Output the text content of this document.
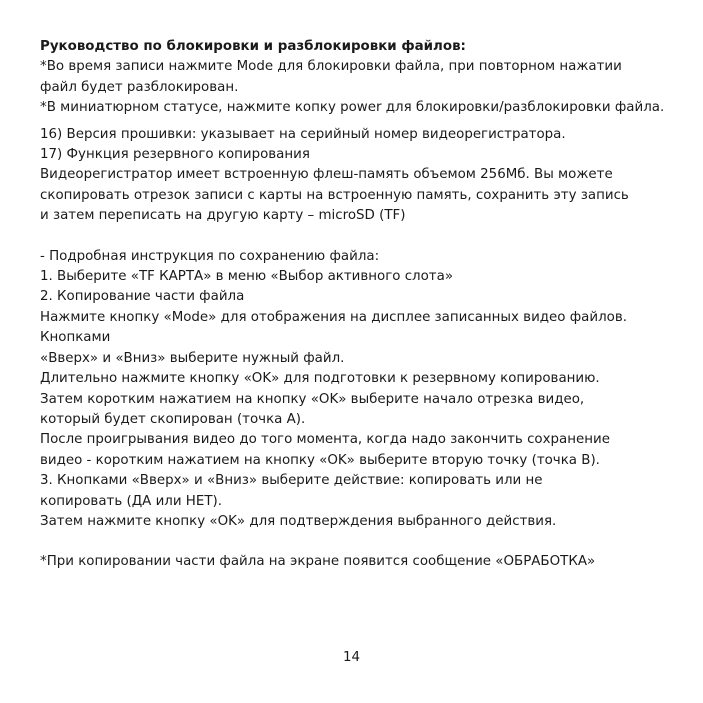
Руководство по блокировки и разблокировки файлов:

*Во время записи нажмите Mode для блокировки файла, при повторном нажатии

файл будет разблокирован.

*В миниатюрном статусе, нажмите копку power для блокировки/разблокировки файла.

16) Версия прошивки: указывает на серийный номер видеорегистратора.

17) Функция резервного копирования

Видеорегистратор имеет встроенную флеш-память объемом 256Мб. Вы можете

скопировать отрезок записи с карты на встроенную память, сохранить эту запись

и затем переписать на другую карту – microSD (TF)

- Подробная инструкция по сохранению файла:

1. Выберите «TF КАРТА» в меню «Выбор активного слота»

2. Копирование части файла

Нажмите кнопку «Mode» для отображения на дисплее записанных видео файлов.

Кнопками

«Вверх» и «Вниз» выберите нужный файл.

Длительно нажмите кнопку «OK» для подготовки к резервному копированию.

Затем коротким нажатием на кнопку «OK» выберите начало отрезка видео,

который будет скопирован (точка А).

После проигрывания видео до того момента, когда надо закончить сохранение

видео - коротким нажатием на кнопку «OK» выберите вторую точку (точка В).

3. Кнопками «Вверх» и «Вниз» выберите действие: копировать или не

копировать (ДА или НЕТ).

Затем нажмите кнопку «OK» для подтверждения выбранного действия.

*При копировании части файла на экране появится сообщение «ОБРАБОТКА»

14
